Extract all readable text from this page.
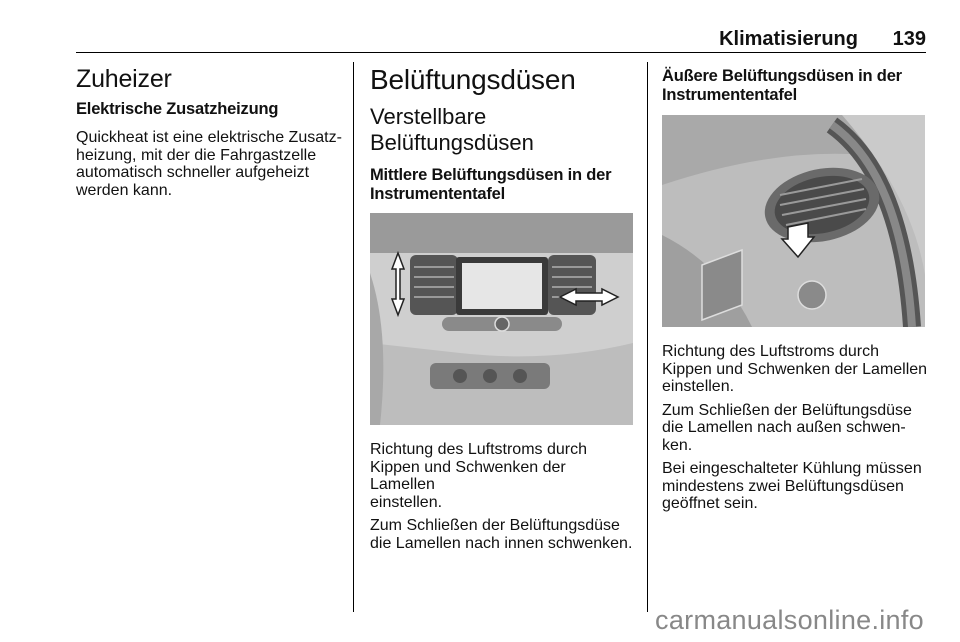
Klimatisierung 139
Zuheizer
Elektrische Zusatzheizung

Quickheat ist eine elektrische Zusatz-

heizung, mit der die Fahrgastzelle

automatisch schneller aufgeheizt

werden kann.

Belüftungsdüsen
Verstellbare
Belüftungsdüsen
Mittlere Belüftungsdüsen in der
Instrumententafel

Richtung des Luftstroms durch

Kippen und Schwenken der Lamellen

einstellen.

Zum Schließen der Belüftungsdüse

die Lamellen nach innen schwenken.

Äußere Belüftungsdüsen in der
Instrumententafel

Richtung des Luftstroms durch

Kippen und Schwenken der Lamellen

einstellen.

Zum Schließen der Belüftungsdüse

die Lamellen nach außen schwen-

ken.

Bei eingeschalteter Kühlung müssen

mindestens zwei Belüftungsdüsen

geöffnet sein.

carmanualsonline.info
